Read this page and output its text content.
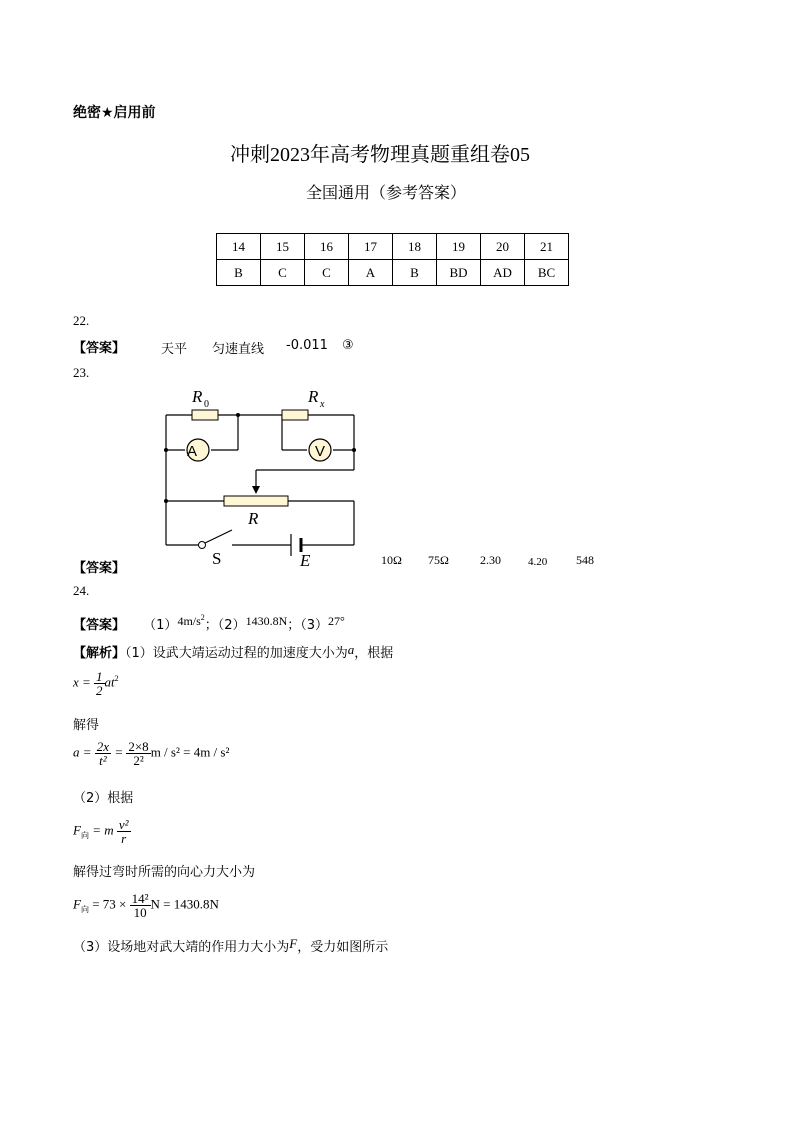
绝密★启用前
冲刺2023年高考物理真题重组卷05
全国通用（参考答案）
14	15	16	17	18	19	20	21
B	C	C	A	B	BD	AD	BC
22.
【答案】	天平 匀速直线 -0.011 ③
23.
R 0	R x
A	V
R
S	E
【答案】
10Ω 75Ω	2.30 4.20 548
24.
【答案】 $(1)4m/s^2$；（2）1430.8N；（3）27°
【解析】（1）设武大靖运动过程的加速度大小为a，根据
$x = \frac{1}{2} at^2$
解得
$a = \frac{2x}{\text{t²}} = \frac{2\times 8}{\text{2²}}$ m / s² = 4m / s²
（2）根据
$F_向 = m \frac{\text{v²}}{r}$
解得过弯时所需的向心力大小为
$F_向 = 73 \times \frac{\text{14²}}{10}$ N = 1430.8N
（3）设场地对武大靖的作用力大小为F，受力如图所示
